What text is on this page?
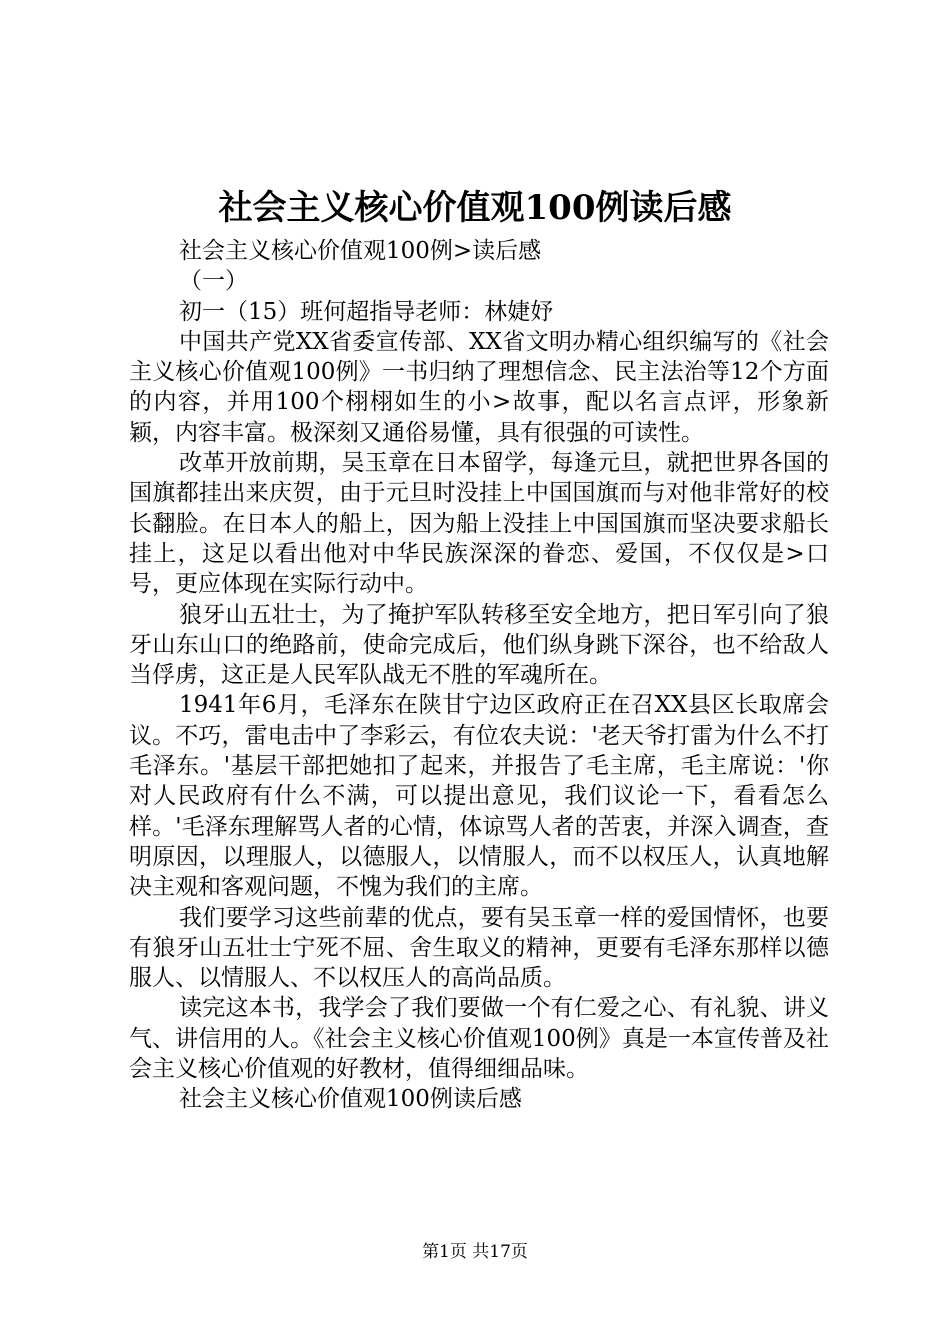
社会主义核心价值观100例读后感

社会主义核心价值观100例>读后感

（一）

初一（15）班何超指导老师：林婕妤

中国共产党XX省委宣传部、XX省文明办精心组织编写的《社会主义核心价值观100例》一书归纳了理想信念、民主法治等12个方面的内容，并用100个栩栩如生的小>故事，配以名言点评，形象新颖，内容丰富。极深刻又通俗易懂，具有很强的可读性。

改革开放前期，吴玉章在日本留学，每逢元旦，就把世界各国的国旗都挂出来庆贺，由于元旦时没挂上中国国旗而与对他非常好的校长翻脸。在日本人的船上，因为船上没挂上中国国旗而坚决要求船长挂上，这足以看出他对中华民族深深的眷恋、爱国，不仅仅是>口号，更应体现在实际行动中。

狼牙山五壮士，为了掩护军队转移至安全地方，把日军引向了狼牙山东山口的绝路前，使命完成后，他们纵身跳下深谷，也不给敌人当俘虏，这正是人民军队战无不胜的军魂所在。

1941年6月，毛泽东在陕甘宁边区政府正在召XX县区长取席会议。不巧，雷电击中了李彩云，有位农夫说：'老天爷打雷为什么不打毛泽东。'基层干部把她扣了起来，并报告了毛主席，毛主席说：'你对人民政府有什么不满，可以提出意见，我们议论一下，看看怎么样。'毛泽东理解骂人者的心情，体谅骂人者的苦衷，并深入调查，查明原因，以理服人，以德服人，以情服人，而不以权压人，认真地解决主观和客观问题，不愧为我们的主席。

我们要学习这些前辈的优点，要有吴玉章一样的爱国情怀，也要有狼牙山五壮士宁死不屈、舍生取义的精神，更要有毛泽东那样以德服人、以情服人、不以权压人的高尚品质。

读完这本书，我学会了我们要做一个有仁爱之心、有礼貌、讲义气、讲信用的人。《社会主义核心价值观100例》真是一本宣传普及社会主义核心价值观的好教材，值得细细品味。

社会主义核心价值观100例读后感

第1页 共17页
